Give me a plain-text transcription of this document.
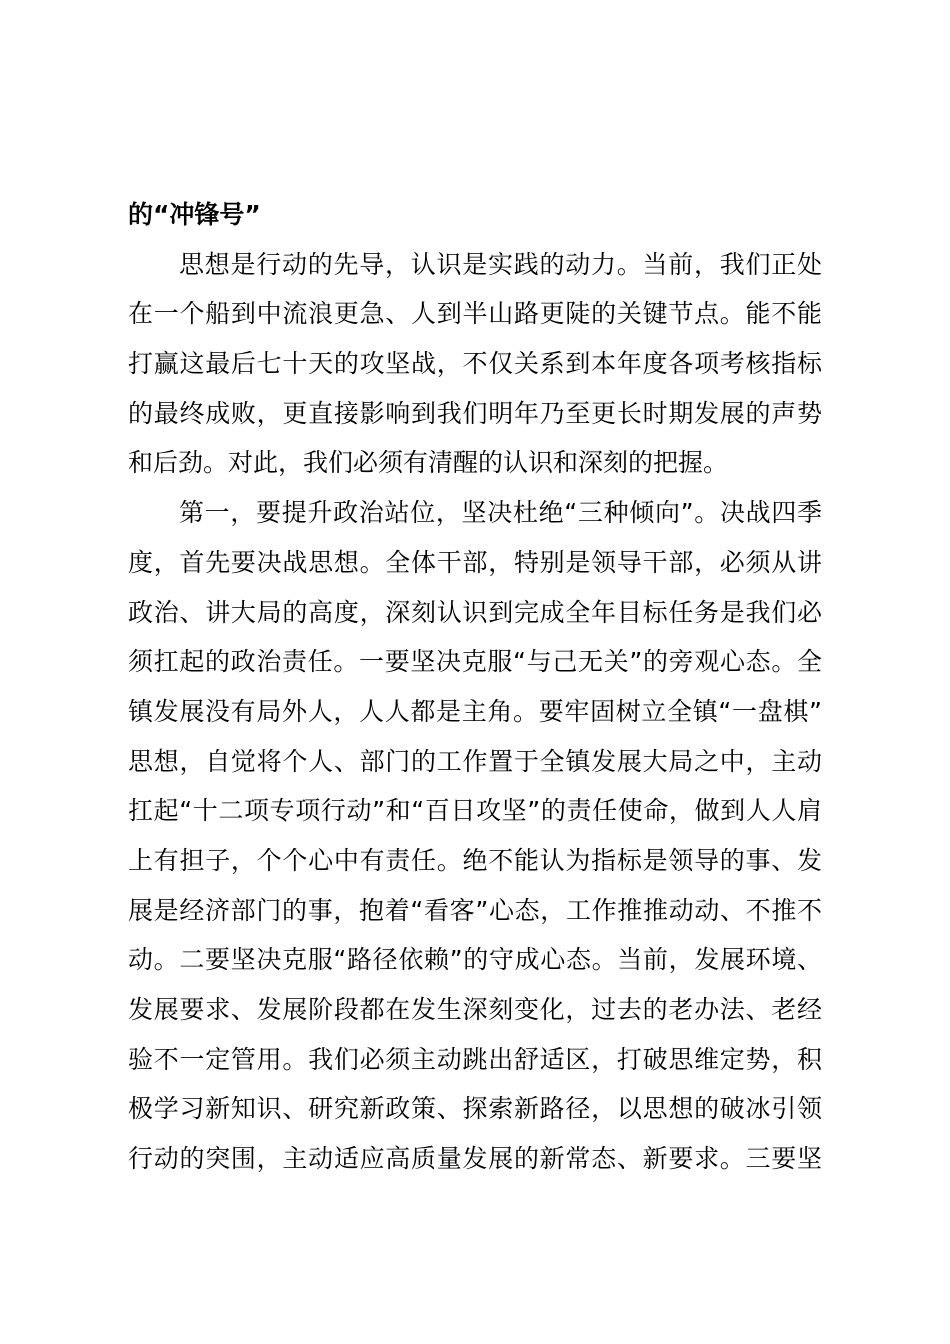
的“冲锋号”
思想是行动的先导，认识是实践的动力。当前，我们正处
在一个船到中流浪更急、人到半山路更陡的关键节点。能不能
打赢这最后七十天的攻坚战，不仅关系到本年度各项考核指标
的最终成败，更直接影响到我们明年乃至更长时期发展的声势
和后劲。对此，我们必须有清醒的认识和深刻的把握。
第一，要提升政治站位，坚决杜绝“三种倾向”。决战四季
度，首先要决战思想。全体干部，特别是领导干部，必须从讲
政治、讲大局的高度，深刻认识到完成全年目标任务是我们必
须扛起的政治责任。一要坚决克服“与己无关”的旁观心态。全
镇发展没有局外人，人人都是主角。要牢固树立全镇“一盘棋”
思想，自觉将个人、部门的工作置于全镇发展大局之中，主动
扛起“十二项专项行动”和“百日攻坚”的责任使命，做到人人肩
上有担子，个个心中有责任。绝不能认为指标是领导的事、发
展是经济部门的事，抱着“看客”心态，工作推推动动、不推不
动。二要坚决克服“路径依赖”的守成心态。当前，发展环境、
发展要求、发展阶段都在发生深刻变化，过去的老办法、老经
验不一定管用。我们必须主动跳出舒适区，打破思维定势，积
极学习新知识、研究新政策、探索新路径，以思想的破冰引领
行动的突围，主动适应高质量发展的新常态、新要求。三要坚
